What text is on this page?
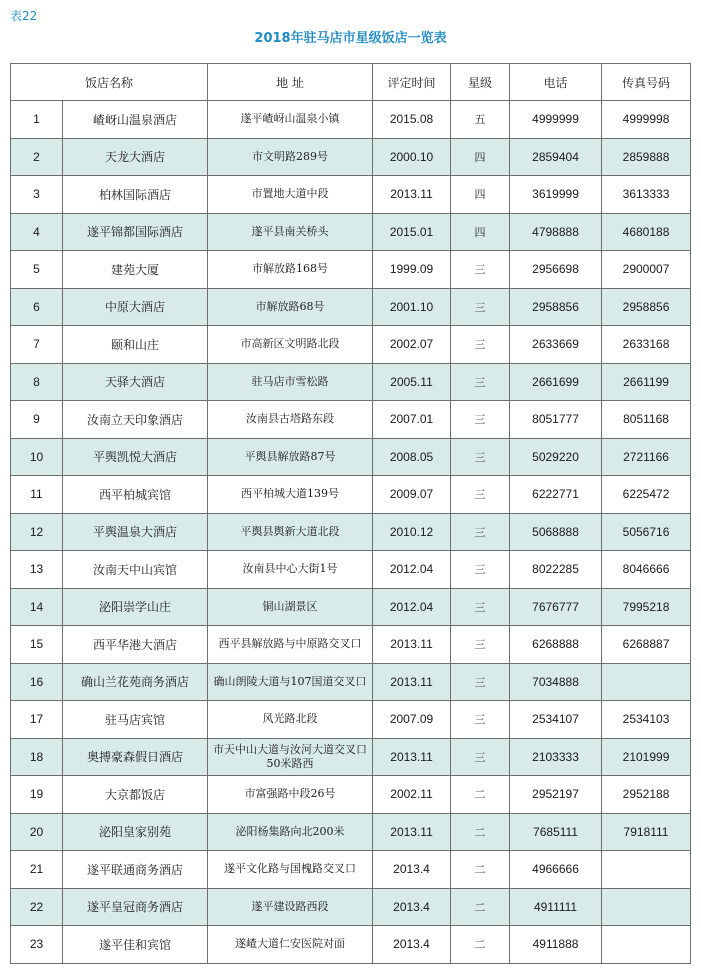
表22
2018年驻马店市星级饭店一览表
饭店名称		地 址	评定时间	星级	电话	传真号码
1	嵖岈山温泉酒店	遂平嵖岈山温泉小镇	2015.08	五	4999999	4999998
2	天龙大酒店	市文明路289号	2000.10	四	2859404	2859888
3	柏林国际酒店	市置地大道中段	2013.11	四	3619999	3613333
4	遂平锦都国际酒店	遂平县南关桥头	2015.01	四	4798888	4680188
5	建苑大厦	市解放路168号	1999.09	三	2956698	2900007
6	中原大酒店	市解放路68号	2001.10	三	2958856	2958856
7	颐和山庄	市高新区文明路北段	2002.07	三	2633669	2633168
8	天驿大酒店	驻马店市雪松路	2005.11	三	2661699	2661199
9	汝南立天印象酒店	汝南县古塔路东段	2007.01	三	8051777	8051168
10	平舆凯悦大酒店	平舆县解放路87号	2008.05	三	5029220	2721166
11	西平柏城宾馆	西平柏城大道139号	2009.07	三	6222771	6225472
12	平舆温泉大酒店	平舆县舆新大道北段	2010.12	三	5068888	5056716
13	汝南天中山宾馆	汝南县中心大街1号	2012.04	三	8022285	8046666
14	泌阳崇学山庄	铜山湖景区	2012.04	三	7676777	7995218
15	西平华港大酒店	西平县解放路与中原路交叉口	2013.11	三	6268888	6268887
16	确山兰花苑商务酒店	确山朗陵大道与107国道交叉口	2013.11	三	7034888	
17	驻马店宾馆	风光路北段	2007.09	三	2534107	2534103
18	奥搏豪森假日酒店	市天中山大道与汝河大道交叉口50米路西	2013.11	三	2103333	2101999
19	大京都饭店	市富强路中段26号	2002.11	二	2952197	2952188
20	泌阳皇家别苑	泌阳杨集路向北200米	2013.11	二	7685111	7918111
21	遂平联通商务酒店	遂平文化路与国槐路交叉口	2013.4	二	4966666	
22	遂平皇冠商务酒店	遂平建设路西段	2013.4	二	4911111	
23	遂平佳和宾馆	遂嵖大道仁安医院对面	2013.4	二	4911888	
